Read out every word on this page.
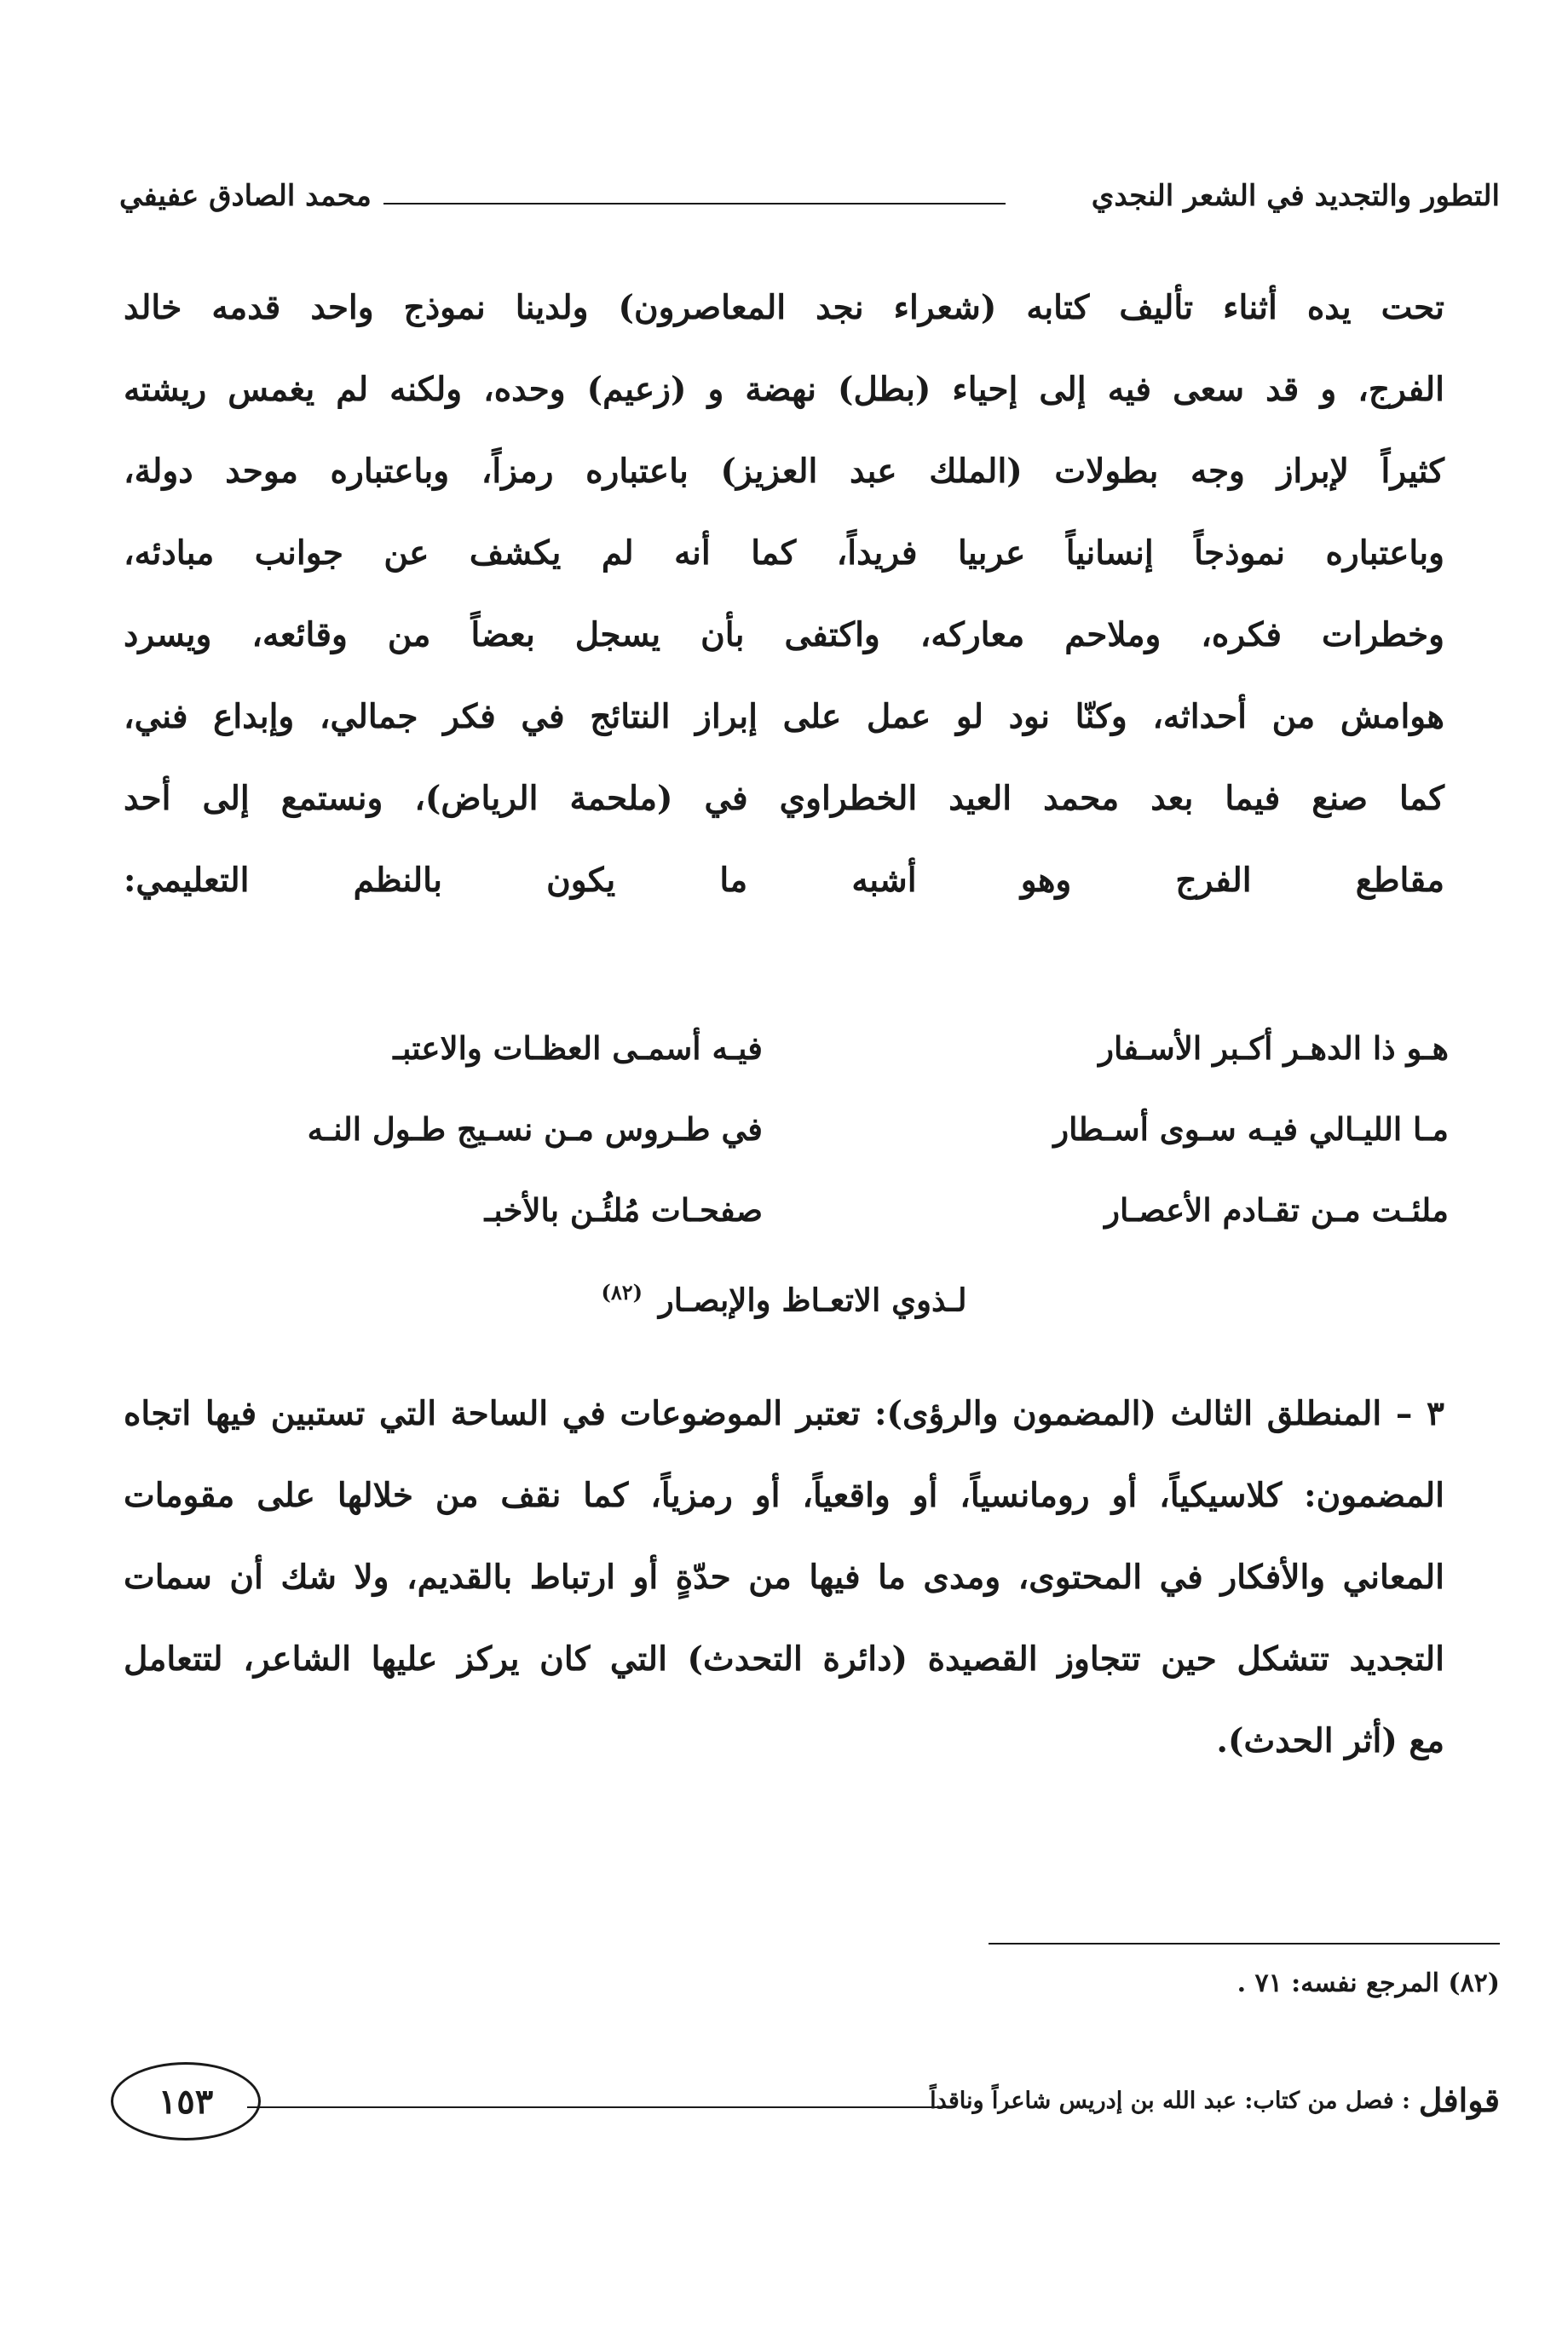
التطور والتجديد في الشعر النجدي
محمد الصادق عفيفي
تحت يده أثناء تأليف كتابه (شعراء نجد المعاصرون) ولدينا نموذج واحد قدمه خالد
الفرج، و قد سعى فيه إلى إحياء (بطل) نهضة و (زعيم) وحده، ولكنه لم يغمس ريشته
كثيراً لإبراز وجه بطولات (الملك عبد العزيز) باعتباره رمزاً، وباعتباره موحد دولة،
وباعتباره نموذجاً إنسانياً عربيا فريداً، كما أنه لم يكشف عن جوانب مبادئه،
وخطرات فكره، وملاحم معاركه، واكتفى بأن يسجل بعضاً من وقائعه، ويسرد
هوامش من أحداثه، وكنّا نود لو عمل على إبراز النتائج في فكر جمالي، وإبداع فني،
كما صنع فيما بعد محمد العيد الخطراوي في (ملحمة الرياض)، ونستمع إلى أحد
مقاطع الفرج وهو أشبه ما يكون بالنظم التعليمي:
هـو ذا الدهـر أكـبر الأسـفار
فيـه أسمـى العظـات والاعتبـ
مـا الليـالي فيـه سـوى أسـطار
في طـروس مـن نسـيج طـول النـه
ملئـت مـن تقـادم الأعصـار
صفحـات مُلئُـن بالأخبـ
لـذوي الاتعـاظ والإبصـار $^{(٨٢)}$
٣ – المنطلق الثالث (المضمون والرؤى): تعتبر الموضوعات في الساحة التي تستبين فيها اتجاه
المضمون: كلاسيكياً، أو رومانسياً، أو واقعياً، أو رمزياً، كما نقف من خلالها على مقومات
المعاني والأفكار في المحتوى، ومدى ما فيها من حدّةٍ أو ارتباط بالقديم، ولا شك أن سمات
التجديد تتشكل حين تتجاوز القصيدة (دائرة التحدث) التي كان يركز عليها الشاعر، لتتعامل
مع (أثر الحدث).
(٨٢) المرجع نفسه: ٧١ .
قوافل
: فصل من كتاب: عبد الله بن إدريس شاعراً وناقداً
١٥٣
